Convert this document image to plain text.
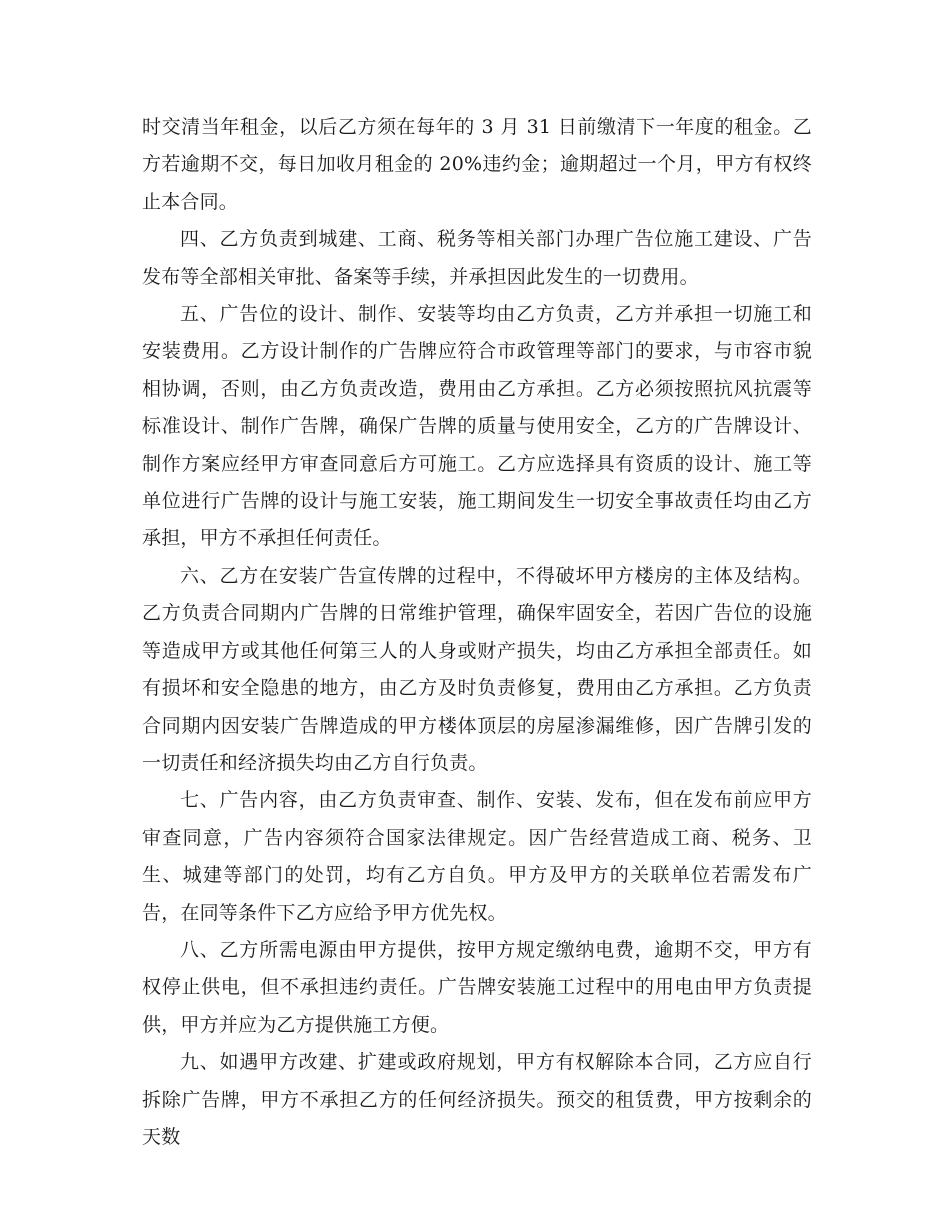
时交清当年租金，以后乙方须在每年的 3 月 31 日前缴清下一年度的租金。乙方若逾期不交，每日加收月租金的 20%违约金；逾期超过一个月，甲方有权终止本合同。

四、乙方负责到城建、工商、税务等相关部门办理广告位施工建设、广告发布等全部相关审批、备案等手续，并承担因此发生的一切费用。

五、广告位的设计、制作、安装等均由乙方负责，乙方并承担一切施工和安装费用。乙方设计制作的广告牌应符合市政管理等部门的要求，与市容市貌相协调，否则，由乙方负责改造，费用由乙方承担。乙方必须按照抗风抗震等标准设计、制作广告牌，确保广告牌的质量与使用安全，乙方的广告牌设计、制作方案应经甲方审查同意后方可施工。乙方应选择具有资质的设计、施工等单位进行广告牌的设计与施工安装，施工期间发生一切安全事故责任均由乙方承担，甲方不承担任何责任。

六、乙方在安装广告宣传牌的过程中，不得破坏甲方楼房的主体及结构。乙方负责合同期内广告牌的日常维护管理，确保牢固安全，若因广告位的设施等造成甲方或其他任何第三人的人身或财产损失，均由乙方承担全部责任。如有损坏和安全隐患的地方，由乙方及时负责修复，费用由乙方承担。乙方负责合同期内因安装广告牌造成的甲方楼体顶层的房屋渗漏维修，因广告牌引发的一切责任和经济损失均由乙方自行负责。

七、广告内容，由乙方负责审查、制作、安装、发布，但在发布前应甲方审查同意，广告内容须符合国家法律规定。因广告经营造成工商、税务、卫生、城建等部门的处罚，均有乙方自负。甲方及甲方的关联单位若需发布广告，在同等条件下乙方应给予甲方优先权。

八、乙方所需电源由甲方提供，按甲方规定缴纳电费，逾期不交，甲方有权停止供电，但不承担违约责任。广告牌安装施工过程中的用电由甲方负责提供，甲方并应为乙方提供施工方便。

九、如遇甲方改建、扩建或政府规划，甲方有权解除本合同，乙方应自行拆除广告牌，甲方不承担乙方的任何经济损失。预交的租赁费，甲方按剩余的天数
